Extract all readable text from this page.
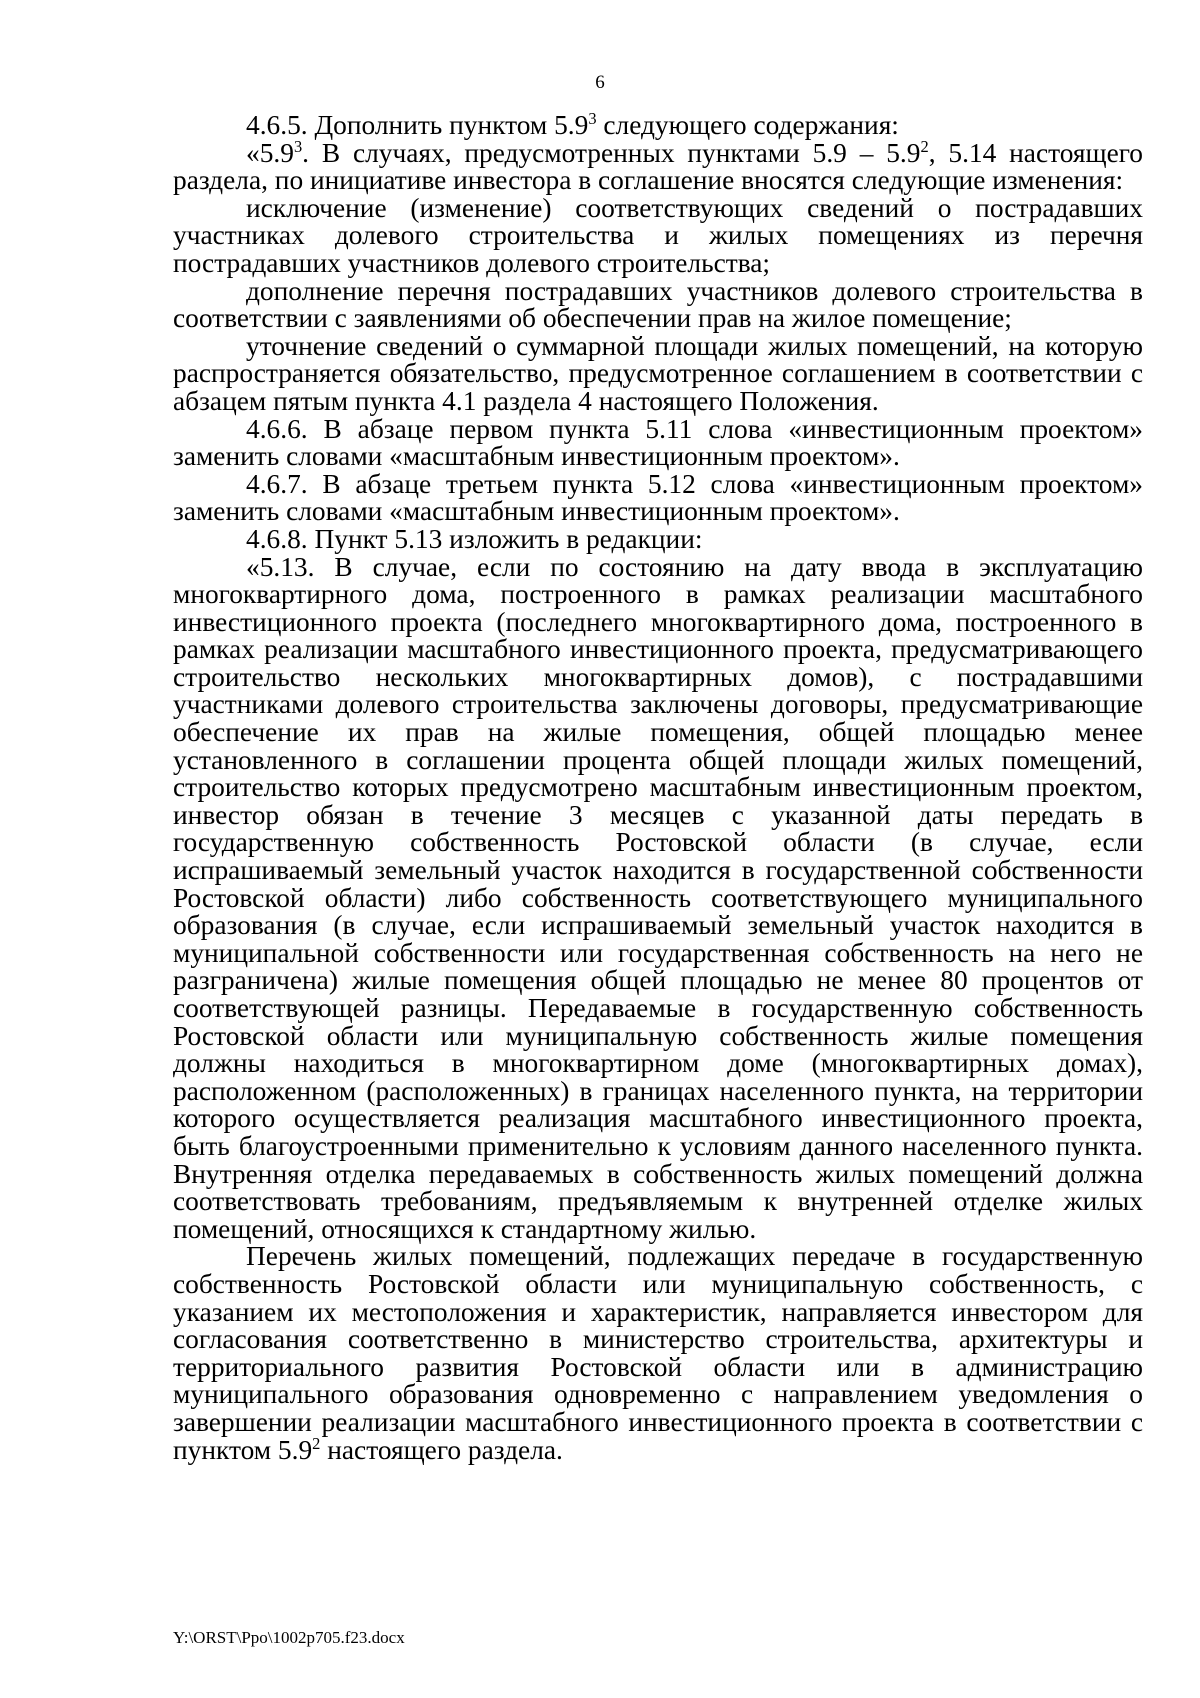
6

4.6.5. Дополнить пунктом $5.9^3$ следующего содержания:

«$5.9^3$. В случаях, предусмотренных пунктами $5.9 - 5.9^2$, 5.14 настоящего раздела, по инициативе инвестора в соглашение вносятся следующие изменения:

исключение (изменение) соответствующих сведений о пострадавших участниках долевого строительства и жилых помещениях из перечня пострадавших участников долевого строительства;

дополнение перечня пострадавших участников долевого строительства в соответствии с заявлениями об обеспечении прав на жилое помещение;

уточнение сведений о суммарной площади жилых помещений, на которую распространяется обязательство, предусмотренное соглашением в соответствии с абзацем пятым пункта 4.1 раздела 4 настоящего Положения.

4.6.6. В абзаце первом пункта 5.11 слова «инвестиционным проектом» заменить словами «масштабным инвестиционным проектом».

4.6.7. В абзаце третьем пункта 5.12 слова «инвестиционным проектом» заменить словами «масштабным инвестиционным проектом».

4.6.8. Пункт 5.13 изложить в редакции:

«5.13. В случае, если по состоянию на дату ввода в эксплуатацию многоквартирного дома, построенного в рамках реализации масштабного инвестиционного проекта (последнего многоквартирного дома, построенного в рамках реализации масштабного инвестиционного проекта, предусматривающего строительство нескольких многоквартирных домов), с пострадавшими участниками долевого строительства заключены договоры, предусматривающие обеспечение их прав на жилые помещения, общей площадью менее установленного в соглашении процента общей площади жилых помещений, строительство которых предусмотрено масштабным инвестиционным проектом, инвестор обязан в течение 3 месяцев с указанной даты передать в государственную собственность Ростовской области (в случае, если испрашиваемый земельный участок находится в государственной собственности Ростовской области) либо собственность соответствующего муниципального образования (в случае, если испрашиваемый земельный участок находится в муниципальной собственности или государственная собственность на него не разграничена) жилые помещения общей площадью не менее 80 процентов от соответствующей разницы. Передаваемые в государственную собственность Ростовской области или муниципальную собственность жилые помещения должны находиться в многоквартирном доме (многоквартирных домах), расположенном (расположенных) в границах населенного пункта, на территории которого осуществляется реализация масштабного инвестиционного проекта, быть благоустроенными применительно к условиям данного населенного пункта. Внутренняя отделка передаваемых в собственность жилых помещений должна соответствовать требованиям, предъявляемым к внутренней отделке жилых помещений, относящихся к стандартному жилью.

Перечень жилых помещений, подлежащих передаче в государственную собственность Ростовской области или муниципальную собственность, с указанием их местоположения и характеристик, направляется инвестором для согласования соответственно в министерство строительства, архитектуры и территориального развития Ростовской области или в администрацию муниципального образования одновременно с направлением уведомления о завершении реализации масштабного инвестиционного проекта в соответствии с пунктом $5.9^2$ настоящего раздела.

Y:\ORST\Ppo\1002p705.f23.docx
